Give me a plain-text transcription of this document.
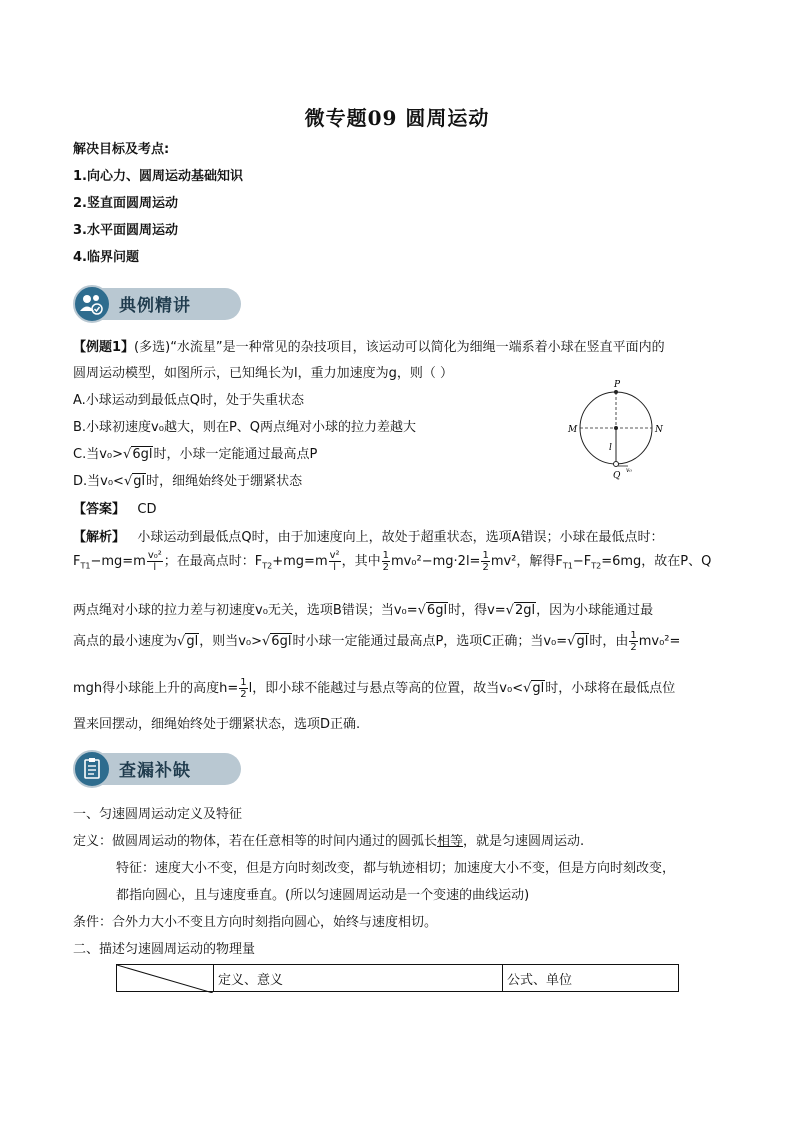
微专题09 圆周运动
解决目标及考点:
1.向心力、圆周运动基础知识
2.竖直面圆周运动
3.水平面圆周运动
4.临界问题
典例精讲
【例题1】(多选)“水流星”是一种常见的杂技项目，该运动可以简化为细绳一端系着小球在竖直平面内的
圆周运动模型，如图所示，已知绳长为l，重力加速度为g，则（ ）
A.小球运动到最低点Q时，处于失重状态
B.小球初速度v₀越大，则在P、Q两点绳对小球的拉力差越大
C.当v₀>√6gl时，小球一定能通过最高点P
D.当v₀<√gl时，细绳始终处于绷紧状态
【答案】 CD
P
M	N
l
Q
v₀
【解析】 小球运动到最低点Q时，由于加速度向上，故处于超重状态，选项A错误；小球在最低点时：
$F_{T1}-mg=m \frac{\text{v₀²}}{l}$ ；在最高点时：$F_{T2}+mg=m \frac{\text{v²}}{l}$ ，其中 $\frac{1}{2} mv_0^2-mg\cdot 2l= \frac{1}{2} mv^2$，解得$F_{T1}-F_{T2}=6mg$，故在P、Q
两点绳对小球的拉力差与初速度v₀无关，选项B错误；当v₀=√6gl时，得v=√2gl，因为小球能通过最
高点的最小速度为√gl，则当v₀>√6gl时小球一定能通过最高点P，选项C正确；当v₀=√gl时，由 $\frac{1}{2} mv_0^2=$
mgh得小球能上升的高度$h= \frac{1}{2}$ l，即小球不能越过与悬点等高的位置，故当v₀<√gl时，小球将在最低点位
置来回摆动，细绳始终处于绷紧状态，选项D正确.
查漏补缺
一、匀速圆周运动定义及特征
定义：做圆周运动的物体，若在任意相等的时间内通过的圆弧长相等，就是匀速圆周运动.
特征：速度大小不变，但是方向时刻改变，都与轨迹相切；加速度大小不变，但是方向时刻改变，
都指向圆心，且与速度垂直。(所以匀速圆周运动是一个变速的曲线运动)
条件：合外力大小不变且方向时刻指向圆心，始终与速度相切。
二、描述匀速圆周运动的物理量
	定义、意义	公式、单位
